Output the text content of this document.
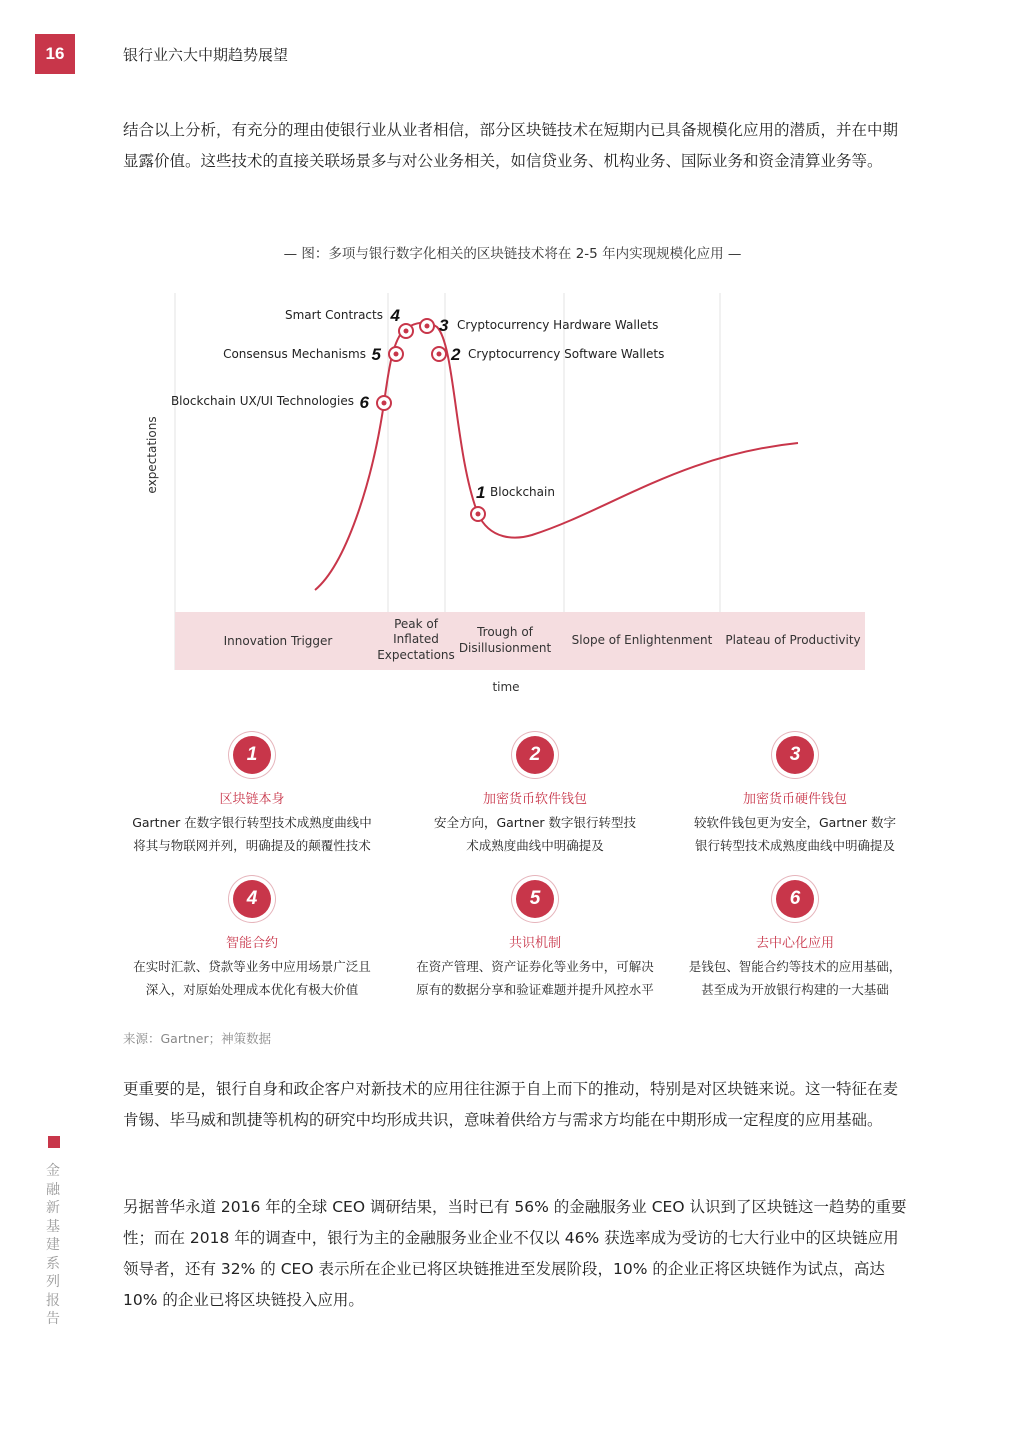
16	银行业六大中期趋势展望

结合以上分析，有充分的理由使银行业从业者相信，部分区块链技术在短期内已具备规模化应用的潜质，并在中期显露价值。这些技术的直接关联场景多与对公业务相关，如信贷业务、机构业务、国际业务和资金清算业务等。

— 图：多项与银行数字化相关的区块链技术将在 2-5 年内实现规模化应用 —
Innovation Trigger
Peak of
Inflated
Expectations
Trough of
Disillusionment
Slope of Enlightenment Plateau of Productivity
expectations
time
6
Blockchain UX/UI Technologies
5
Consensus Mechanisms
4
Smart Contracts
3 Cryptocurrency Hardware Wallets
2 Cryptocurrency Software Wallets
1 Blockchain
1
区块链本身
Gartner 在数字银行转型技术成熟度曲线中
将其与物联网并列，明确提及的颠覆性技术
2
加密货币软件钱包
安全方向，Gartner 数字银行转型技
术成熟度曲线中明确提及
3
加密货币硬件钱包
较软件钱包更为安全，Gartner 数字
银行转型技术成熟度曲线中明确提及
4
智能合约
在实时汇款、贷款等业务中应用场景广泛且
深入，对原始处理成本优化有极大价值
5
共识机制
在资产管理、资产证券化等业务中，可解决
原有的数据分享和验证难题并提升风控水平
6
去中心化应用
是钱包、智能合约等技术的应用基础，
甚至成为开放银行构建的一大基础
来源：Gartner；神策数据

更重要的是，银行自身和政企客户对新技术的应用往往源于自上而下的推动，特别是对区块链来说。这一特征在麦肯锡、毕马威和凯捷等机构的研究中均形成共识，意味着供给方与需求方均能在中期形成一定程度的应用基础。

另据普华永道 2016 年的全球 CEO 调研结果，当时已有 56% 的金融服务业 CEO 认识到了区块链这一趋势的重要性；而在 2018 年的调查中，银行为主的金融服务业企业不仅以 46% 获选率成为受访的七大行业中的区块链应用领导者，还有 32% 的 CEO 表示所在企业已将区块链推进至发展阶段，10% 的企业正将区块链作为试点，高达 10% 的企业已将区块链投入应用。

金融新基建系列报告
